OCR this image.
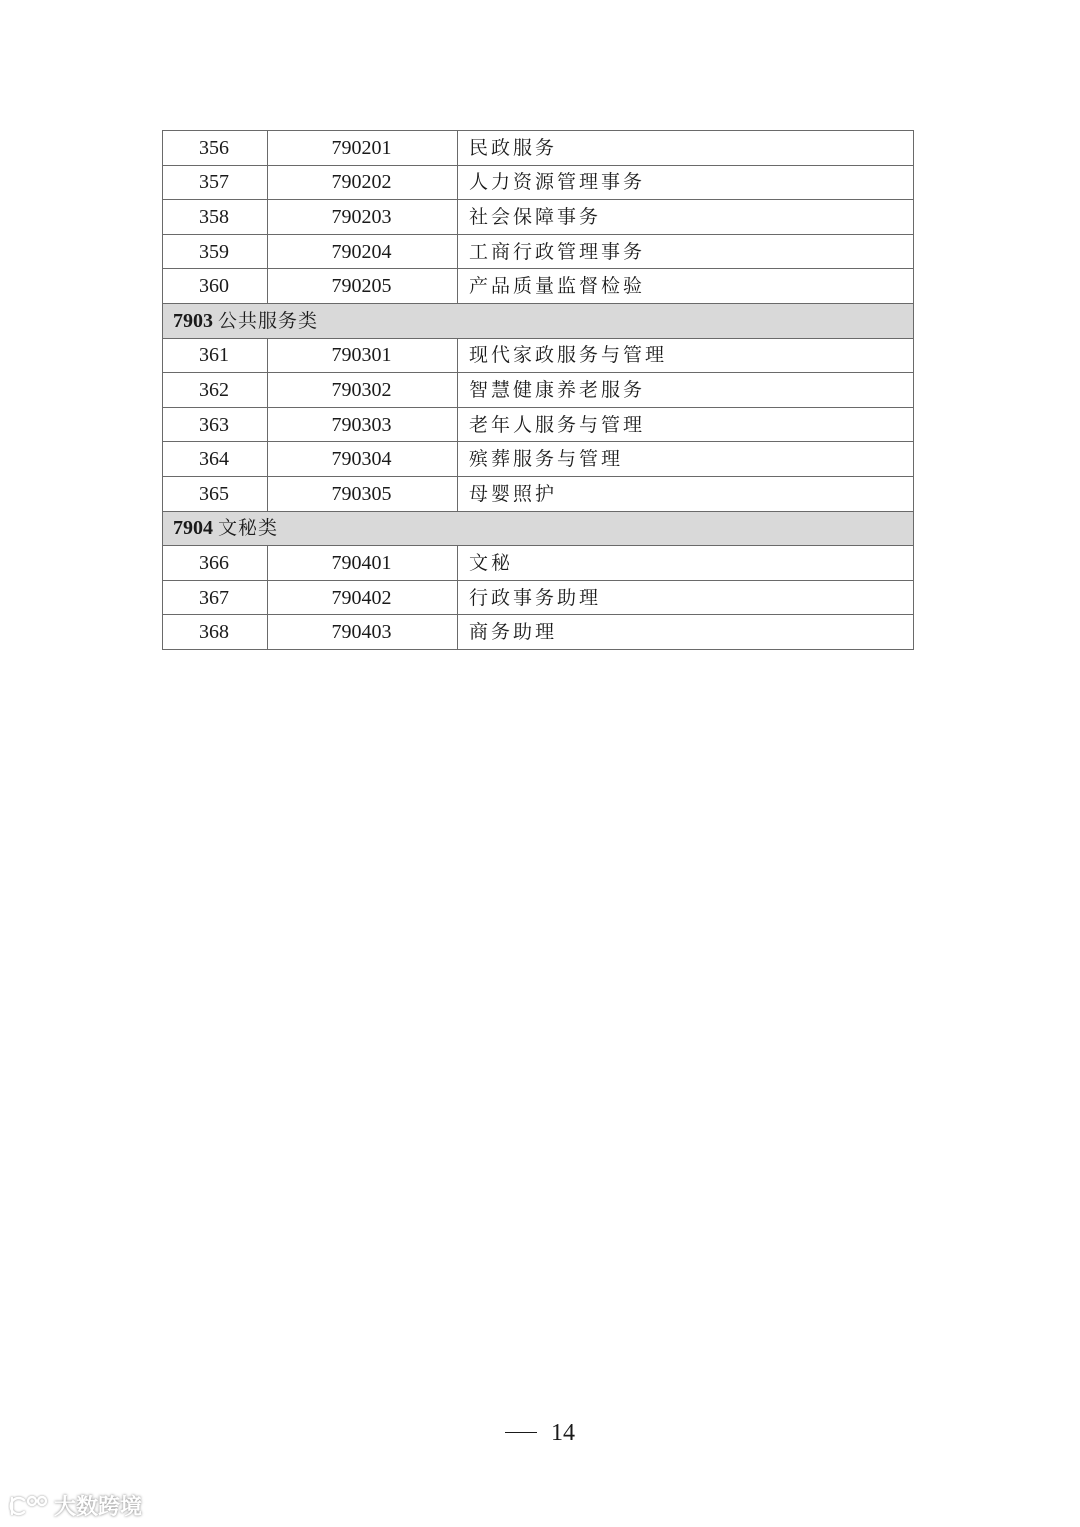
356	790201	民政服务
357	790202	人力资源管理事务
358	790203	社会保障事务
359	790204	工商行政管理事务
360	790205	产品质量监督检验
7903 公共服务类		
361	790301	现代家政服务与管理
362	790302	智慧健康养老服务
363	790303	老年人服务与管理
364	790304	殡葬服务与管理
365	790305	母婴照护
7904 文秘类		
366	790401	文秘
367	790402	行政事务助理
368	790403	商务助理
14
大数跨境
